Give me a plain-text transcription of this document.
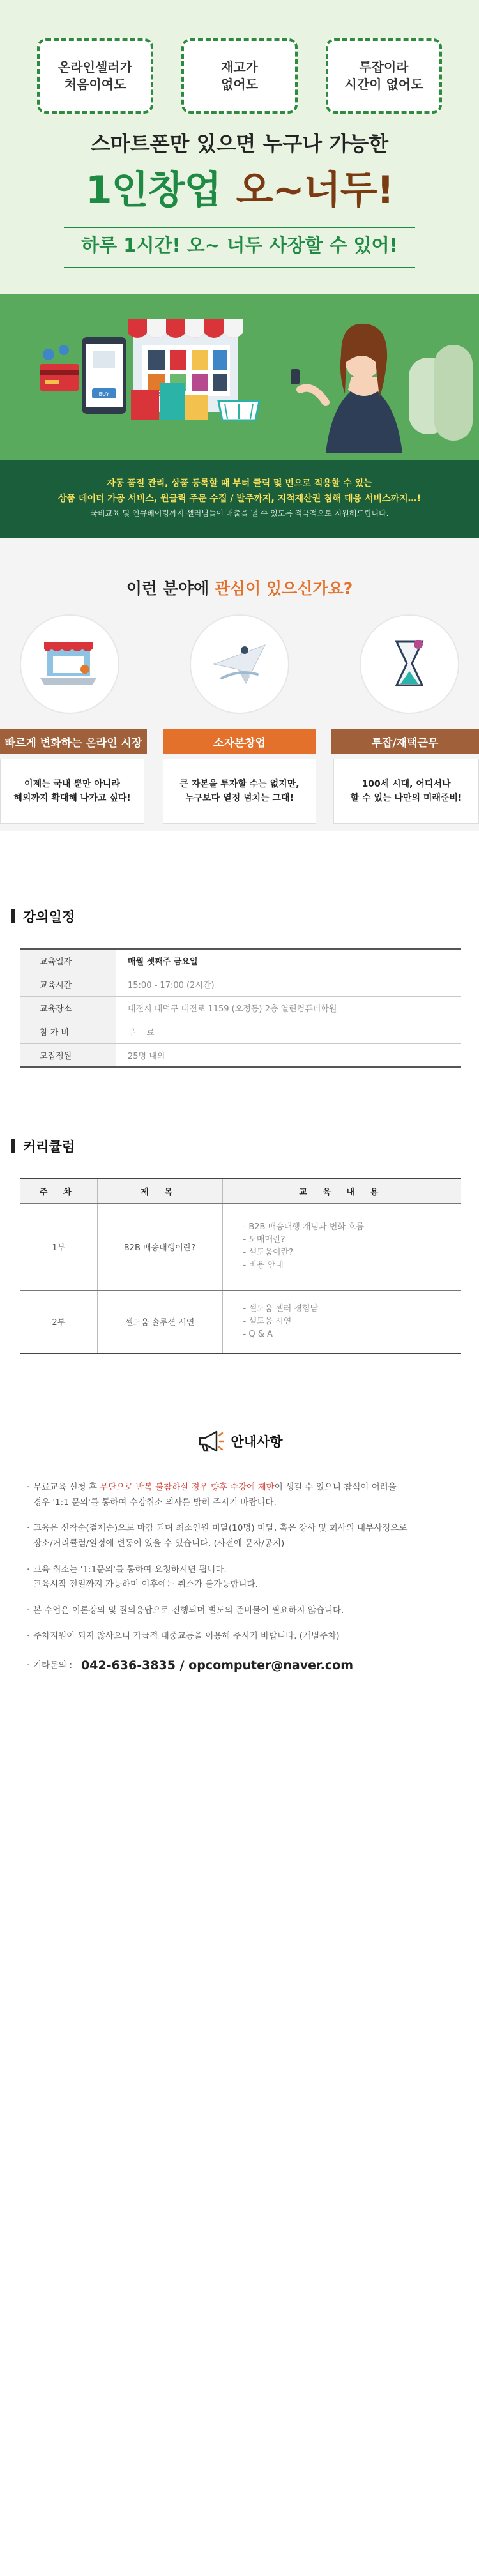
온라인셀러가
처음이여도
재고가
없어도
투잡이라
시간이 없어도
스마트폰만 있으면 누구나 가능한
1인창업 오~너두!
하루 1시간! 오~ 너두 사장할 수 있어!
BUY
자동 품절 관리, 상품 등록할 때 부터 클릭 몇 번으로 적용할 수 있는
상품 데이터 가공 서비스, 원클릭 주문 수집 / 발주까지, 지적재산권 침해 대응 서비스까지…!
국비교육 및 인큐베이팅까지 셀러님들이 매출을 낼 수 있도록 적극적으로 지원해드립니다.
이런 분야에 관심이 있으신가요?
빠르게 변화하는 온라인 시장	소자본창업	투잡/재택근무
이제는 국내 뿐만 아니라
해외까지 확대해 나가고 싶다!
큰 자본을 투자할 수는 없지만,
누구보다 열정 넘치는 그대!
100세 시대, 어디서나
할 수 있는 나만의 미래준비!
강의일정
교육일자	매월 셋째주 금요일
교육시간	15:00 - 17:00 (2시간)
교육장소	대전시 대덕구 대전로 1159 (오정동) 2층 열린컴퓨터학원
참 가 비	무    료
모집정원	25명 내외
커리큘럼
주 차	제 목	교 육 내 용
1부	B2B 배송대행이란?	- B2B 배송대행 개념과 변화 흐름
- 도매매란?
- 셀도움이란?
- 비용 안내
2부	셀도움 솔루션 시연	- 셀도움 셀러 경험담
- 셀도움 시연
- Q & A
안내사항
· 무료교육 신청 후 무단으로 반복 불참하실 경우 향후 수강에 제한이 생길 수 있으니 참석이 어려울
경우 '1:1 문의'를 통하여 수강취소 의사를 밝혀 주시기 바랍니다.
· 교육은 선착순(결제순)으로 마감 되며 최소인원 미달(10명) 미달, 혹은 강사 및 회사의 내부사정으로
장소/커리큘럼/일정에 변동이 있을 수 있습니다. (사전에 문자/공지)
· 교육 취소는 '1:1문의'를 통하여 요청하시면 됩니다.
교육시작 전일까지 가능하며 이후에는 취소가 불가능합니다.
· 본 수업은 이론강의 및 질의응답으로 진행되며 별도의 준비물이 필요하지 않습니다.
· 주차지원이 되지 않사오니 가급적 대중교통을 이용해 주시기 바랍니다. (개별주차)
· 기타문의 : 042-636-3835 / opcomputer@naver.com
